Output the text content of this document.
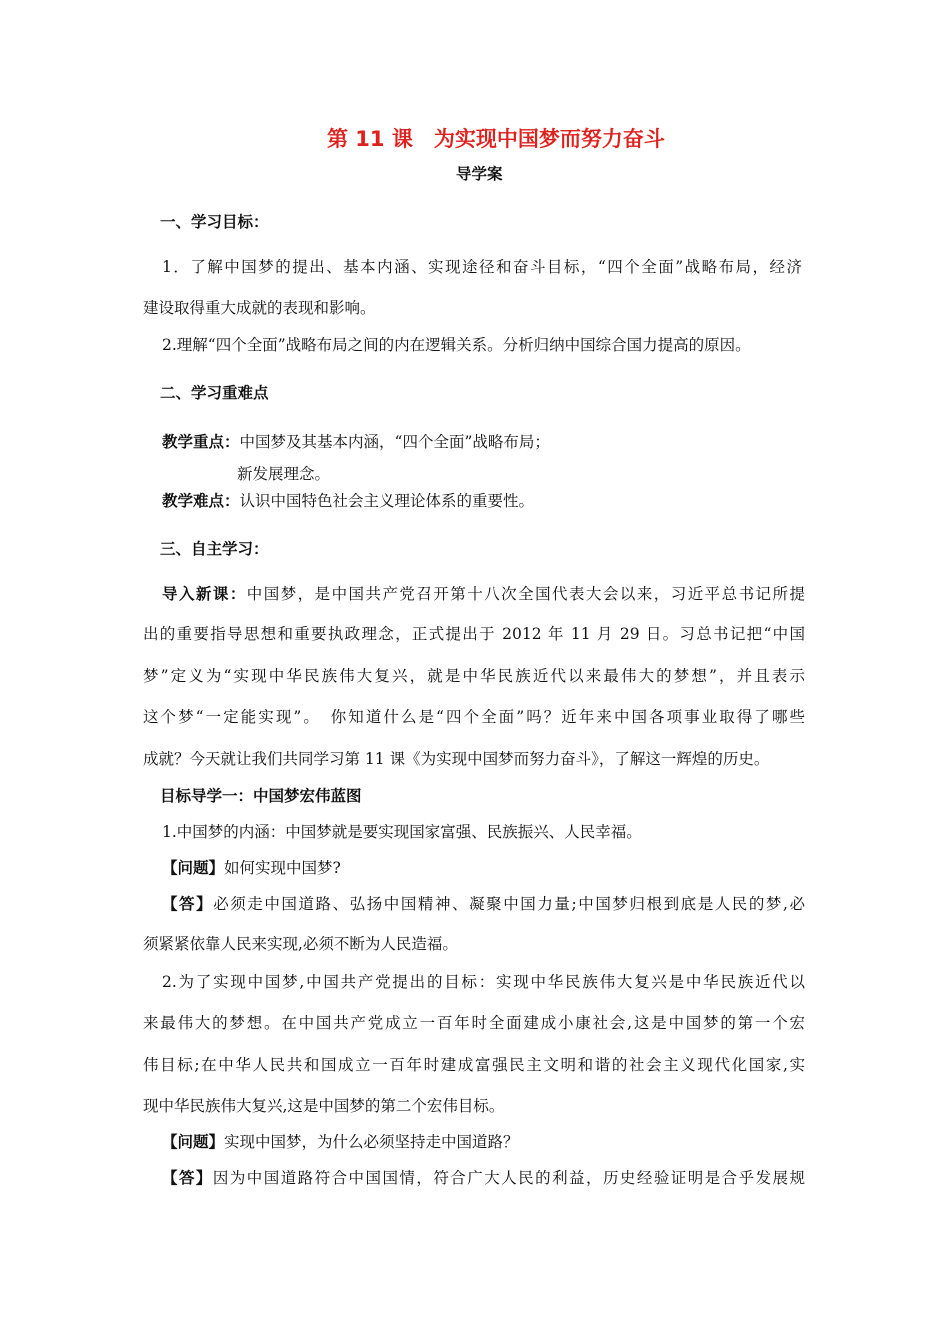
第 11 课　为实现中国梦而努力奋斗
导学案
一、学习目标：
1．了解中国梦的提出、基本内涵、实现途径和奋斗目标，“四个全面”战略布局，经济
建设取得重大成就的表现和影响。
2.理解“四个全面”战略布局之间的内在逻辑关系。分析归纳中国综合国力提高的原因。
二、学习重难点
教学重点：中国梦及其基本内涵，“四个全面”战略布局；
新发展理念。
教学难点：认识中国特色社会主义理论体系的重要性。
三、自主学习：
导入新课：中国梦，是中国共产党召开第十八次全国代表大会以来，习近平总书记所提
出的重要指导思想和重要执政理念，正式提出于 2012 年 11 月 29 日。习总书记把“中国
梦”定义为“实现中华民族伟大复兴，就是中华民族近代以来最伟大的梦想”，并且表示
这个梦“一定能实现”。　你知道什么是“四个全面”吗？近年来中国各项事业取得了哪些
成就？今天就让我们共同学习第 11 课《为实现中国梦而努力奋斗》，了解这一辉煌的历史。
目标导学一：中国梦宏伟蓝图
1.中国梦的内涵：中国梦就是要实现国家富强、民族振兴、人民幸福。
【问题】如何实现中国梦?
【答】必须走中国道路、弘扬中国精神、凝聚中国力量;中国梦归根到底是人民的梦,必
须紧紧依靠人民来实现,必须不断为人民造福。
2.为了实现中国梦,中国共产党提出的目标：实现中华民族伟大复兴是中华民族近代以
来最伟大的梦想。在中国共产党成立一百年时全面建成小康社会,这是中国梦的第一个宏
伟目标;在中华人民共和国成立一百年时建成富强民主文明和谐的社会主义现代化国家,实
现中华民族伟大复兴,这是中国梦的第二个宏伟目标。
【问题】实现中国梦，为什么必须坚持走中国道路？
【答】因为中国道路符合中国国情，符合广大人民的利益，历史经验证明是合乎发展规
